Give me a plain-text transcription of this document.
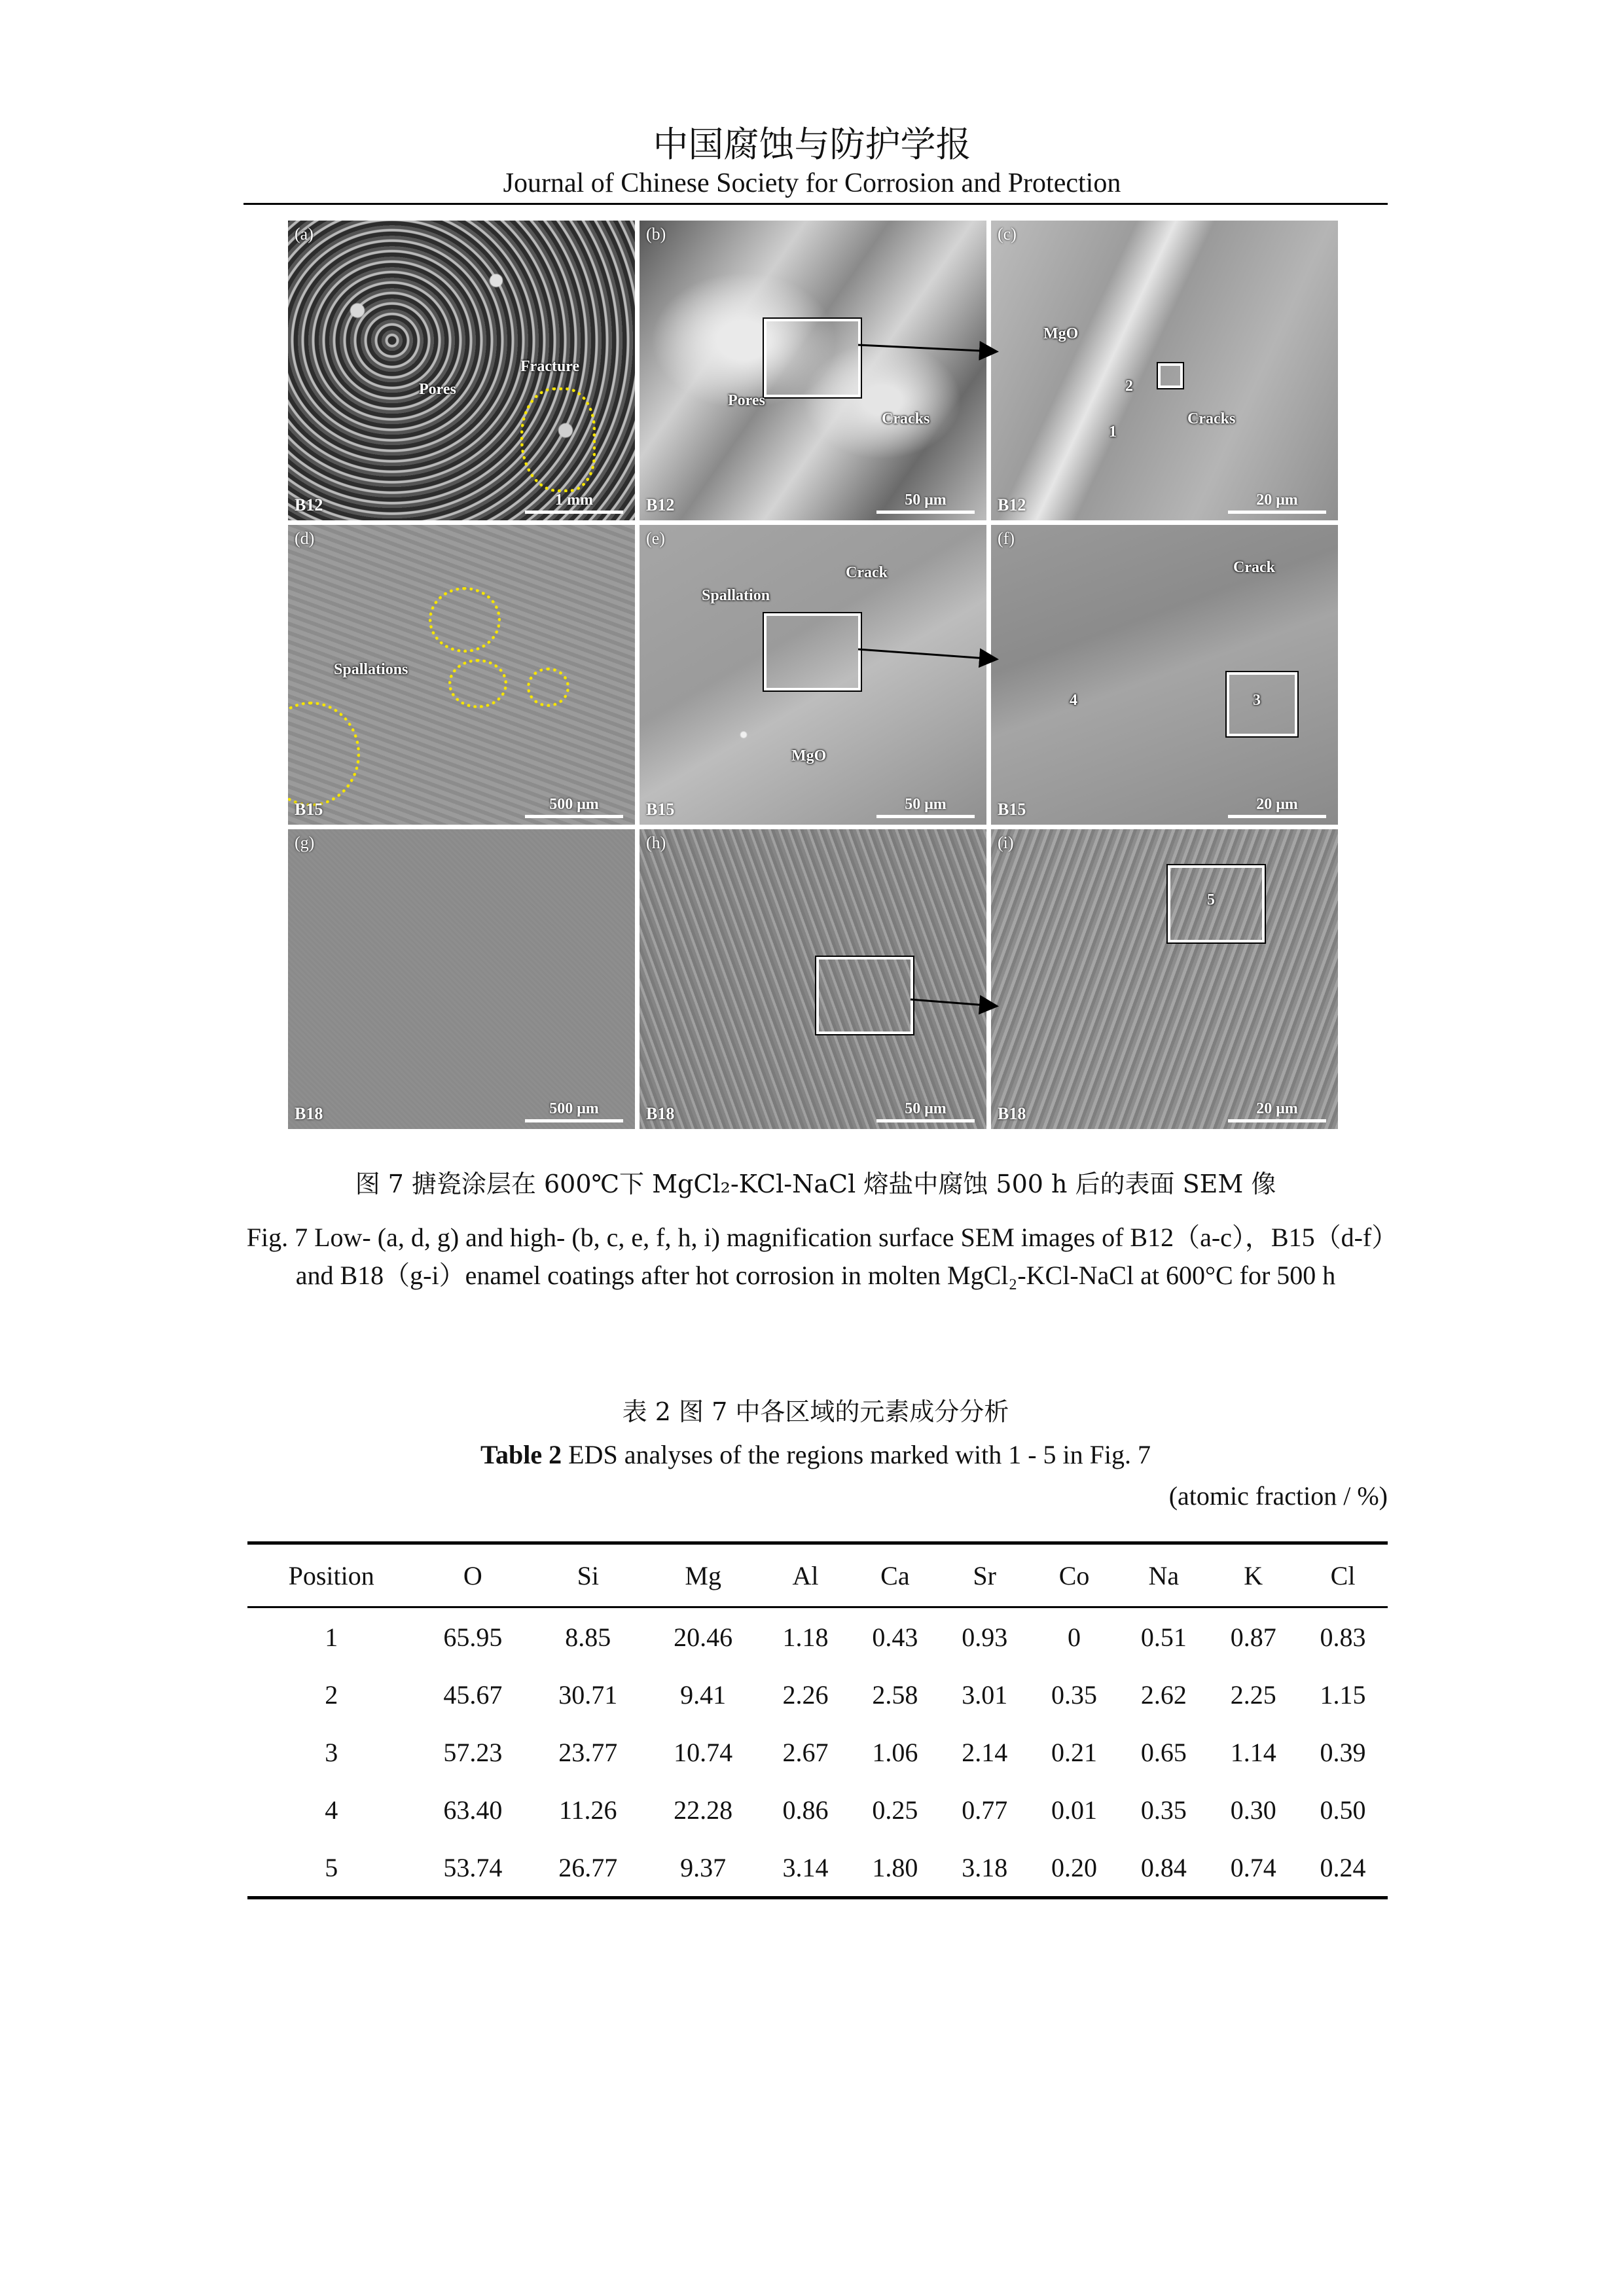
中国腐蚀与防护学报
Journal of Chinese Society for Corrosion and Protection
(a)
Pores
Fracture
B12	1 mm
(b)
Pores
Cracks
B12	50 μm
(c)
MgO
2
1
Cracks
B12	20 μm
(d)
Spallations
B15	500 μm
(e)
Crack
Spallation
MgO
B15	50 μm
(f)
Crack
4	3
B15	20 μm
(g)
B18	500 μm
(h)
B18	50 μm
(i)
5
B18	20 μm
图 7 搪瓷涂层在 600℃下 MgCl₂-KCl-NaCl 熔盐中腐蚀 500 h 后的表面 SEM 像
Fig. 7 Low- (a, d, g) and high- (b, c, e, f, h, i) magnification surface SEM images of B12（a-c），B15（d-f）and B18（g-i）enamel coatings after hot corrosion in molten MgCl₂-KCl-NaCl at 600°C for 500 h
表 2 图 7 中各区域的元素成分分析
Table 2 EDS analyses of the regions marked with 1 - 5 in Fig. 7
(atomic fraction / %)
Position	O	Si	Mg	Al	Ca	Sr	Co	Na	K	Cl
1	65.95	8.85	20.46	1.18	0.43	0.93	0	0.51	0.87	0.83
2	45.67	30.71	9.41	2.26	2.58	3.01	0.35	2.62	2.25	1.15
3	57.23	23.77	10.74	2.67	1.06	2.14	0.21	0.65	1.14	0.39
4	63.40	11.26	22.28	0.86	0.25	0.77	0.01	0.35	0.30	0.50
5	53.74	26.77	9.37	3.14	1.80	3.18	0.20	0.84	0.74	0.24
